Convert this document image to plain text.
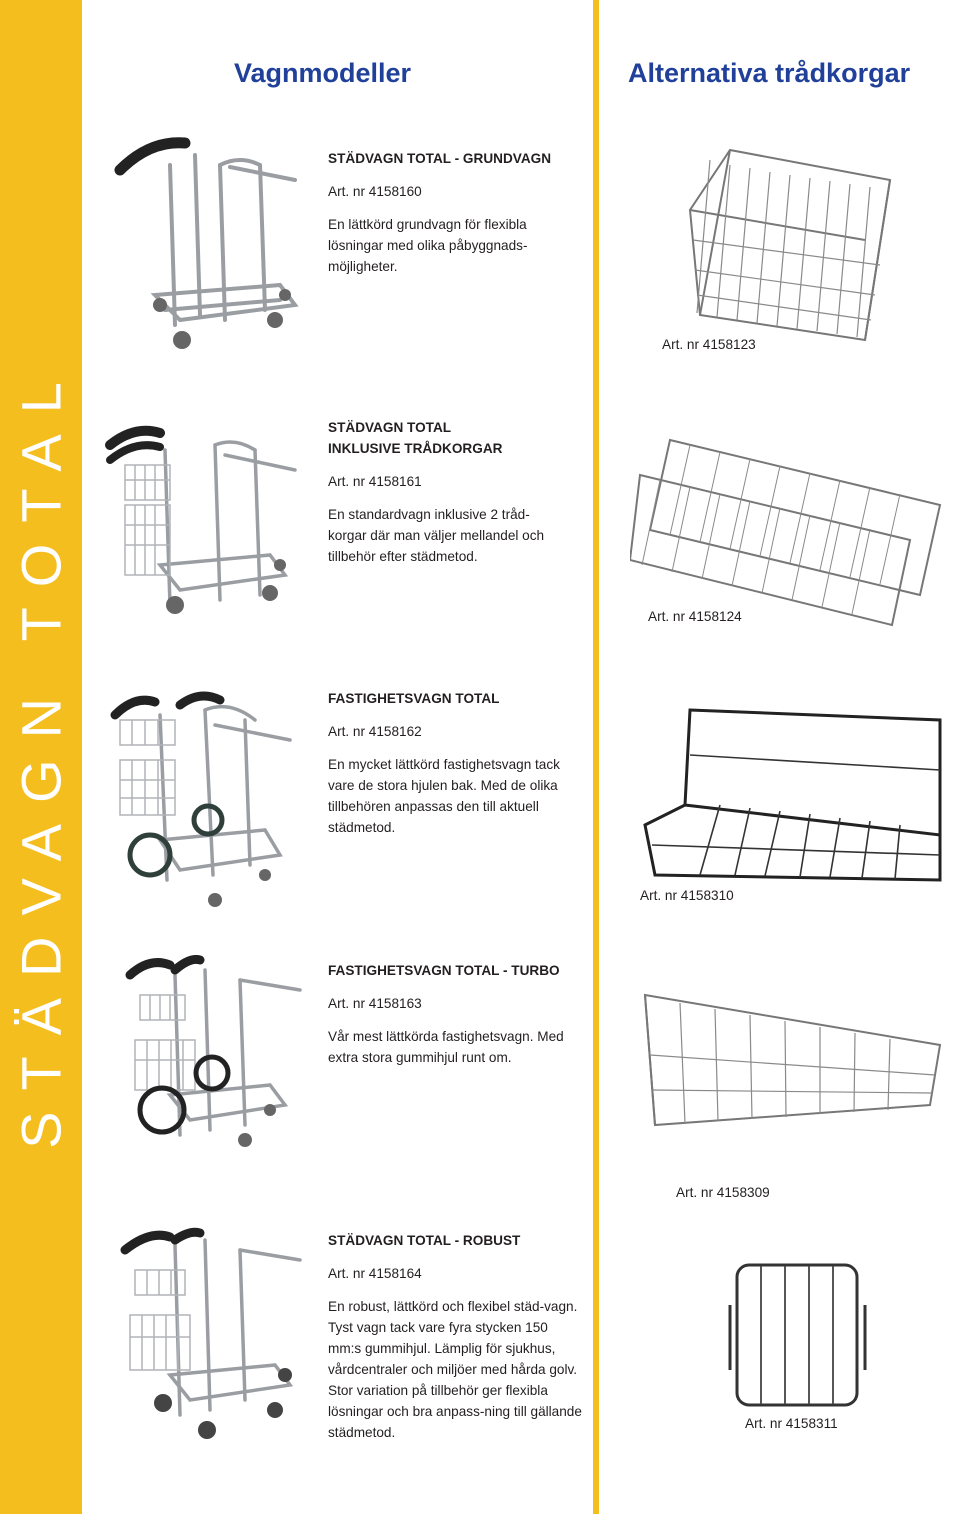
STÄDVAGN TOTAL
Vagnmodeller	Alternativa trådkorgar
STÄDVAGN TOTAL - GRUNDVAGN
Art. nr 4158160
En lättkörd grundvagn för flexibla lösningar med olika påbyggnads-möjligheter.
STÄDVAGN TOTAL INKLUSIVE TRÅDKORGAR
Art. nr 4158161
En standardvagn inklusive 2 tråd-korgar där man väljer mellandel och tillbehör efter städmetod.
FASTIGHETSVAGN TOTAL
Art. nr 4158162
En mycket lättkörd fastighetsvagn tack vare de stora hjulen bak. Med de olika tillbehören anpassas den till aktuell städmetod.
FASTIGHETSVAGN TOTAL - TURBO
Art. nr 4158163
Vår mest lättkörda fastighetsvagn. Med extra stora gummihjul runt om.
STÄDVAGN TOTAL - ROBUST
Art. nr 4158164
En robust, lättkörd och flexibel städ-vagn. Tyst vagn tack vare fyra stycken 150 mm:s gummihjul. Lämplig för sjukhus, vårdcentraler och miljöer med hårda golv. Stor variation på tillbehör ger flexibla lösningar och bra anpass-ning till gällande städmetod.
Art. nr 4158123
Art. nr 4158124
Art. nr 4158310
Art. nr 4158309
Art. nr 4158311
